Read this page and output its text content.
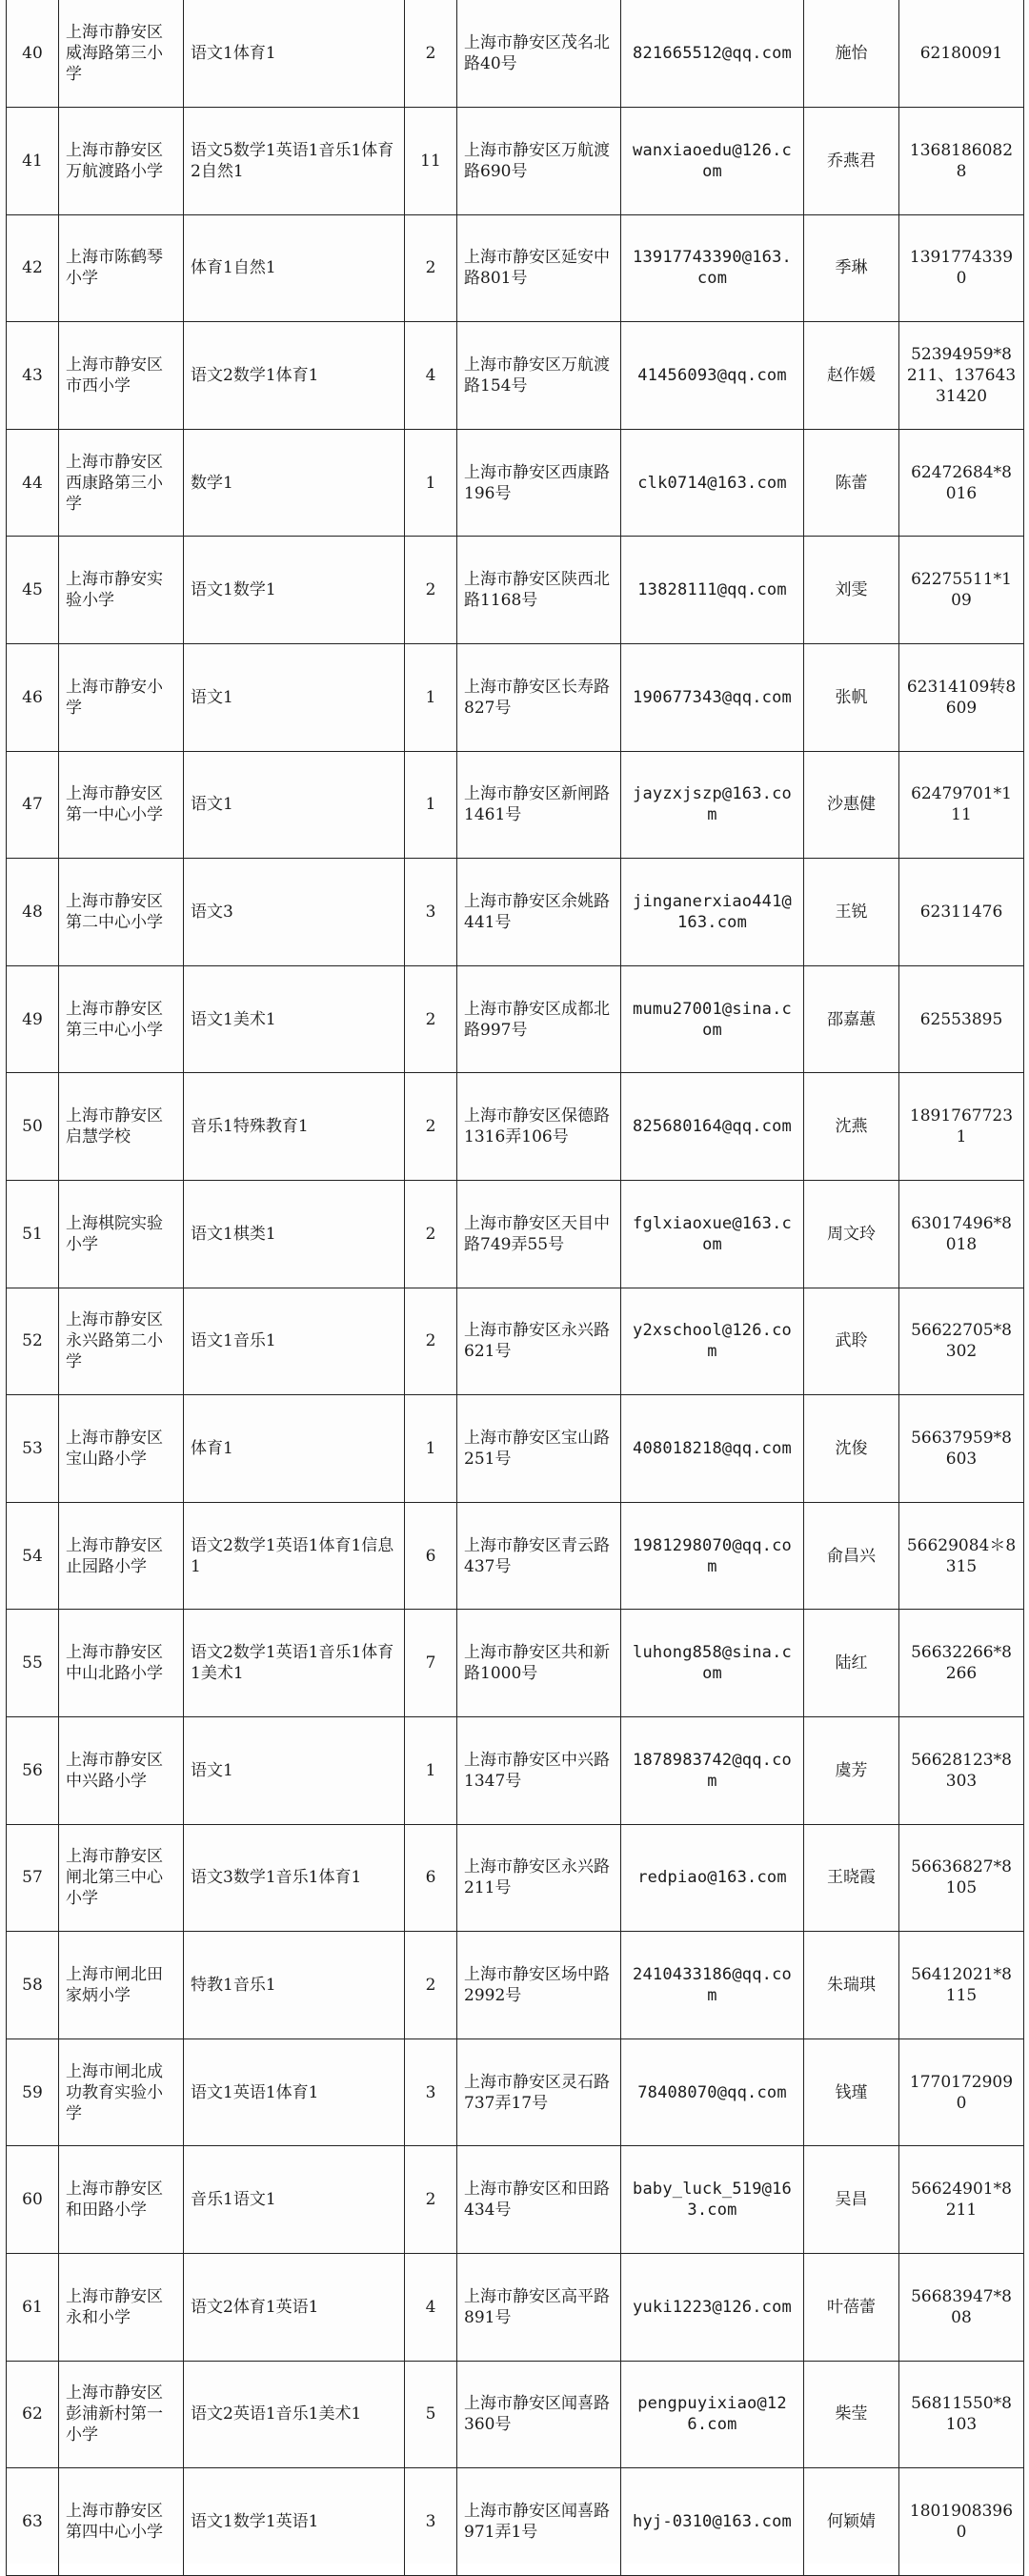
40	上海市静安区威海路第三小学	语文1体育1	2	上海市静安区茂名北路40号	821665512@qq.com	施怡	62180091
41	上海市静安区万航渡路小学	语文5数学1英语1音乐1体育2自然1	11	上海市静安区万航渡路690号	wanxiaoedu@126.com	乔燕君	13681860828
42	上海市陈鹤琴小学	体育1自然1	2	上海市静安区延安中路801号	13917743390@163.com	季琳	13917743390
43	上海市静安区市西小学	语文2数学1体育1	4	上海市静安区万航渡路154号	41456093@qq.com	赵作媛	52394959*8211、13764331420
44	上海市静安区西康路第三小学	数学1	1	上海市静安区西康路196号	clk0714@163.com	陈蕾	62472684*8016
45	上海市静安实验小学	语文1数学1	2	上海市静安区陕西北路1168号	13828111@qq.com	刘雯	62275511*109
46	上海市静安小学	语文1	1	上海市静安区长寿路827号	190677343@qq.com	张帆	62314109转8609
47	上海市静安区第一中心小学	语文1	1	上海市静安区新闸路1461号	jayzxjszp@163.com	沙惠健	62479701*111
48	上海市静安区第二中心小学	语文3	3	上海市静安区余姚路441号	jinganerxiao441@163.com	王锐	62311476
49	上海市静安区第三中心小学	语文1美术1	2	上海市静安区成都北路997号	mumu27001@sina.com	邵嘉蕙	62553895
50	上海市静安区启慧学校	音乐1特殊教育1	2	上海市静安区保德路1316弄106号	825680164@qq.com	沈燕	18917677231
51	上海棋院实验小学	语文1棋类1	2	上海市静安区天目中路749弄55号	fglxiaoxue@163.com	周文玲	63017496*8018
52	上海市静安区永兴路第二小学	语文1音乐1	2	上海市静安区永兴路621号	y2xschool@126.com	武聆	56622705*8302
53	上海市静安区宝山路小学	体育1	1	上海市静安区宝山路251号	408018218@qq.com	沈俊	56637959*8603
54	上海市静安区止园路小学	语文2数学1英语1体育1信息1	6	上海市静安区青云路437号	1981298070@qq.com	俞昌兴	56629084＊8315
55	上海市静安区中山北路小学	语文2数学1英语1音乐1体育1美术1	7	上海市静安区共和新路1000号	luhong858@sina.com	陆红	56632266*8266
56	上海市静安区中兴路小学	语文1	1	上海市静安区中兴路1347号	1878983742@qq.com	虞芳	56628123*8303
57	上海市静安区闸北第三中心小学	语文3数学1音乐1体育1	6	上海市静安区永兴路211号	redpiao@163.com	王晓霞	56636827*8105
58	上海市闸北田家炳小学	特教1音乐1	2	上海市静安区场中路2992号	2410433186@qq.com	朱瑞琪	56412021*8115
59	上海市闸北成功教育实验小学	语文1英语1体育1	3	上海市静安区灵石路737弄17号	78408070@qq.com	钱瑾	17701729090
60	上海市静安区和田路小学	音乐1语文1	2	上海市静安区和田路434号	baby_luck_519@163.com	吴昌	56624901*8211
61	上海市静安区永和小学	语文2体育1英语1	4	上海市静安区高平路891号	yuki1223@126.com	叶蓓蕾	56683947*808
62	上海市静安区彭浦新村第一小学	语文2英语1音乐1美术1	5	上海市静安区闻喜路360号	pengpuyixiao@126.com	柴莹	56811550*8103
63	上海市静安区第四中心小学	语文1数学1英语1	3	上海市静安区闻喜路971弄1号	hyj-0310@163.com	何颖婧	18019083960
